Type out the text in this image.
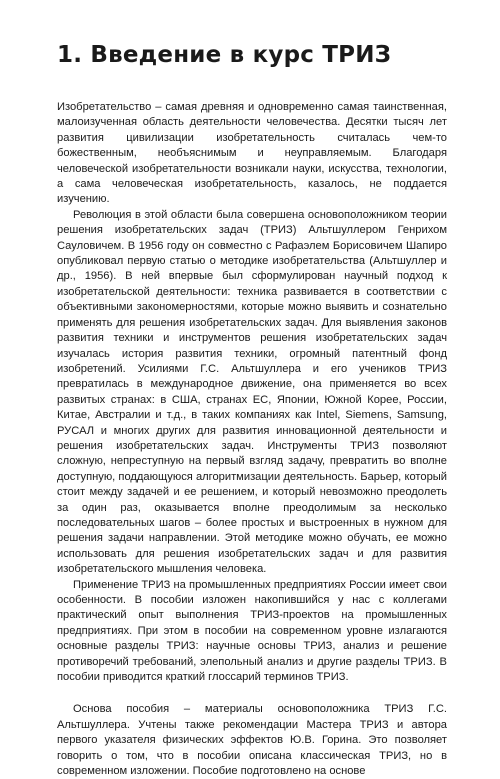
1. Введение в курс ТРИЗ

Изобретательство – самая древняя и одновременно самая таинственная, малоизученная область деятельности человечества. Десятки тысяч лет развития цивилизации изобретательность считалась чем-то божественным, необъяснимым и неуправляемым. Благодаря человеческой изобретательности возникали науки, искусства, технологии, а сама человеческая изобретательность, казалось, не поддается изучению.

Революция в этой области была совершена основоположником теории решения изобретательских задач (ТРИЗ) Альтшуллером Генрихом Сауловичем. В 1956 году он совместно с Рафаэлем Борисовичем Шапиро опубликовал первую статью о методике изобретательства (Альтшуллер и др., 1956). В ней впервые был сформулирован научный подход к изобретательской деятельности: техника развивается в соответствии с объективными закономерностями, которые можно выявить и сознательно применять для решения изобретательских задач. Для выявления законов развития техники и инструментов решения изобретательских задач изучалась история развития техники, огромный патентный фонд изобретений. Усилиями Г.С. Альтшуллера и его учеников ТРИЗ превратилась в международное движение, она применяется во всех развитых странах: в США, странах ЕС, Японии, Южной Корее, России, Китае, Австралии и т.д., в таких компаниях как Intel, Siemens, Samsung, РУСАЛ и многих других для развития инновационной деятельности и решения изобретательских задач. Инструменты ТРИЗ позволяют сложную, непреступную на первый взгляд задачу, превратить во вполне доступную, поддающуюся алгоритмизации деятельность. Барьер, который стоит между задачей и ее решением, и который невозможно преодолеть за один раз, оказывается вполне преодолимым за несколько последовательных шагов – более простых и выстроенных в нужном для решения задачи направлении. Этой методике можно обучать, ее можно использовать для решения изобретательских задач и для развития изобретательского мышления человека.

Применение ТРИЗ на промышленных предприятиях России имеет свои особенности. В пособии изложен накопившийся у нас с коллегами практический опыт выполнения ТРИЗ-проектов на промышленных предприятиях. При этом в пособии на современном уровне излагаются основные разделы ТРИЗ: научные основы ТРИЗ, анализ и решение противоречий требований, элепольный анализ и другие разделы ТРИЗ. В пособии приводится краткий глоссарий терминов ТРИЗ.

Основа пособия – материалы основоположника ТРИЗ Г.С. Альтшуллера. Учтены также рекомендации Мастера ТРИЗ и автора первого указателя физических эффектов Ю.В. Горина. Это позволяет говорить о том, что в пособии описана классическая ТРИЗ, но в современном изложении. Пособие подготовлено на основе
